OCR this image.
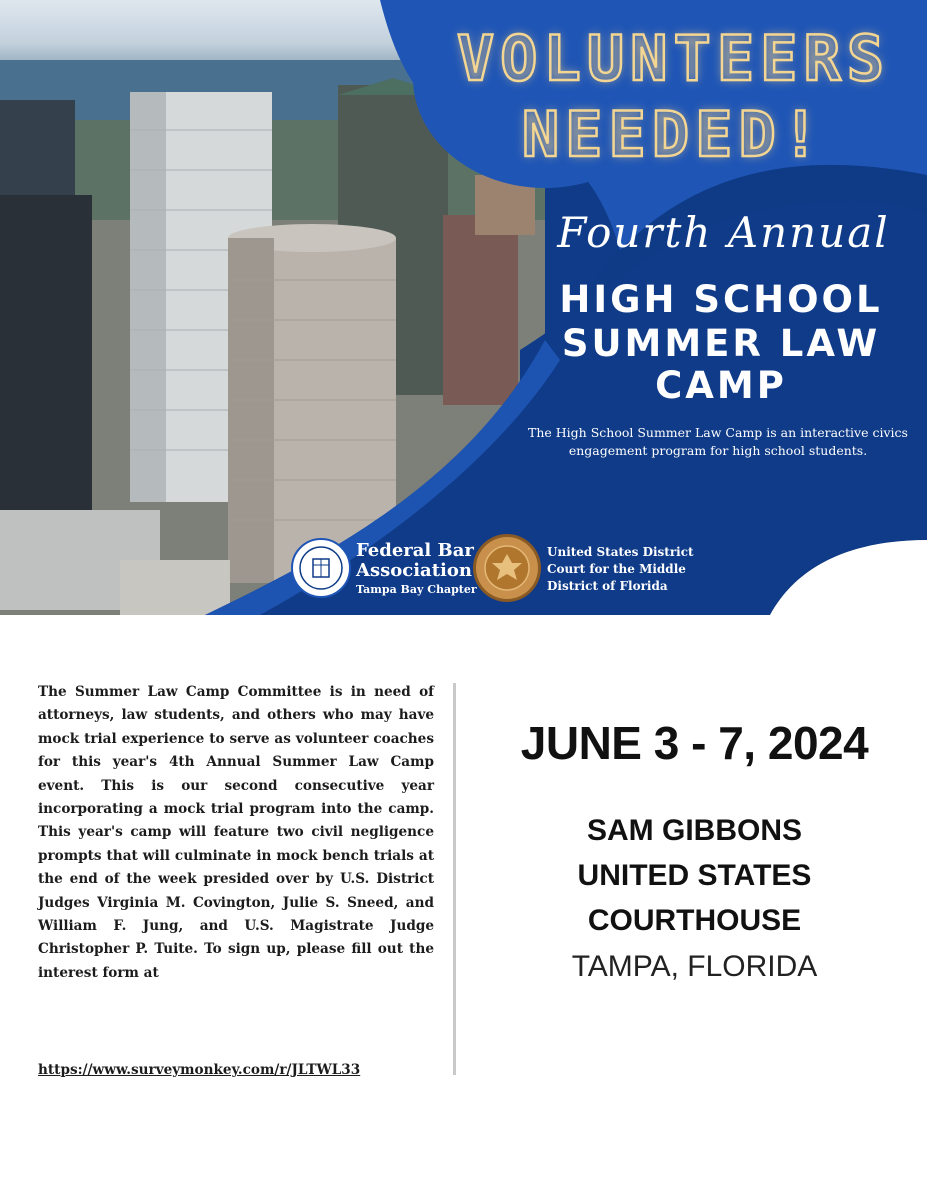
VOLUNTEERS
NEEDED!
Fourth Annual
HIGH SCHOOL
SUMMER LAW
CAMP
The High School Summer Law Camp is an interactive civics engagement program for high school students.
Federal Bar
Association
Tampa Bay Chapter
United States District
Court for the Middle
District of Florida

The Summer Law Camp Committee is in need of attorneys, law students, and others who may have mock trial experience to serve as volunteer coaches for this year's 4th Annual Summer Law Camp event. This is our second consecutive year incorporating a mock trial program into the camp. This year's camp will feature two civil negligence prompts that will culminate in mock bench trials at the end of the week presided over by U.S. District Judges Virginia M. Covington, Julie S. Sneed, and William F. Jung, and U.S. Magistrate Judge Christopher P. Tuite. To sign up, please fill out the interest form at

https://www.surveymonkey.com/r/JLTWL33
JUNE 3 - 7, 2024
SAM GIBBONS
UNITED STATES
COURTHOUSE
TAMPA, FLORIDA
